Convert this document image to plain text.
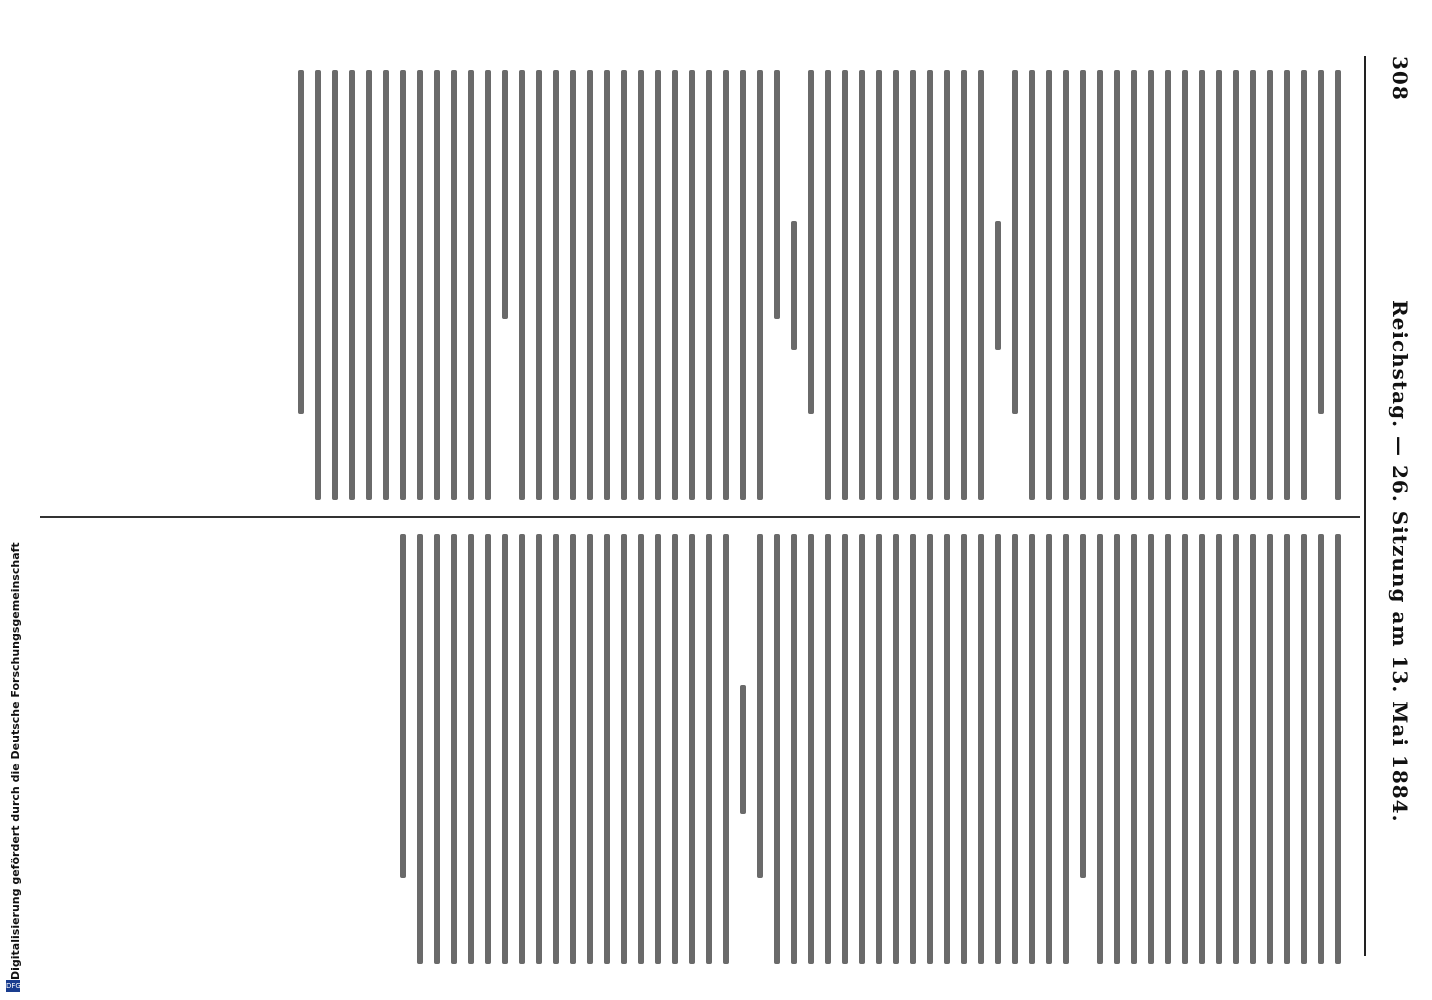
308
Reichstag. — 26. Sitzung am 13. Mai 1884.
Digitalisierung gefördert durch die Deutsche Forschungsgemeinschaft
DFG
